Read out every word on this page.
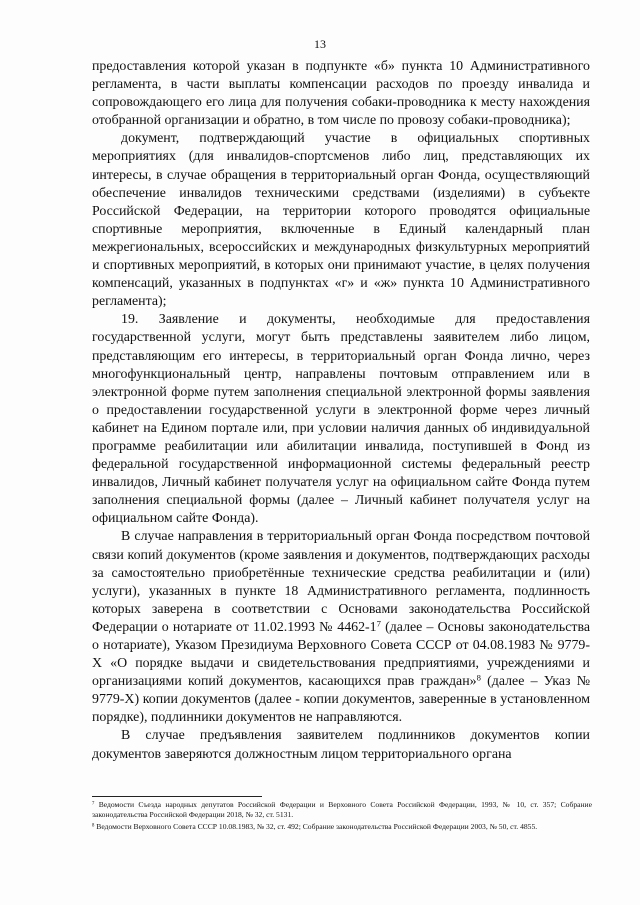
13

предоставления которой указан в подпункте «б» пункта 10 Административного регламента, в части выплаты компенсации расходов по проезду инвалида и сопровождающего его лица для получения собаки-проводника к месту нахождения отобранной организации и обратно, в том числе по провозу собаки-проводника);

документ, подтверждающий участие в официальных спортивных мероприятиях (для инвалидов-спортсменов либо лиц, представляющих их интересы, в случае обращения в территориальный орган Фонда, осуществляющий обеспечение инвалидов техническими средствами (изделиями) в субъекте Российской Федерации, на территории которого проводятся официальные спортивные мероприятия, включенные в Единый календарный план межрегиональных, всероссийских и международных физкультурных мероприятий и спортивных мероприятий, в которых они принимают участие, в целях получения компенсаций, указанных в подпунктах «г» и «ж» пункта 10 Административного регламента);

19. Заявление и документы, необходимые для предоставления государственной услуги, могут быть представлены заявителем либо лицом, представляющим его интересы, в территориальный орган Фонда лично, через многофункциональный центр, направлены почтовым отправлением или в электронной форме путем заполнения специальной электронной формы заявления о предоставлении государственной услуги в электронной форме через личный кабинет на Едином портале или, при условии наличия данных об индивидуальной программе реабилитации или абилитации инвалида, поступившей в Фонд из федеральной государственной информационной системы федеральный реестр инвалидов, Личный кабинет получателя услуг на официальном сайте Фонда путем заполнения специальной формы (далее – Личный кабинет получателя услуг на официальном сайте Фонда).

В случае направления в территориальный орган Фонда посредством почтовой связи копий документов (кроме заявления и документов, подтверждающих расходы за самостоятельно приобретённые технические средства реабилитации и (или) услуги), указанных в пункте 18 Административного регламента, подлинность которых заверена в соответствии с Основами законодательства Российской Федерации о нотариате от 11.02.1993 № $4462-1^7$ (далее – Основы законодательства о нотариате), Указом Президиума Верховного Совета СССР от 04.08.1983 № 9779-Х «О порядке выдачи и свидетельствования предприятиями, учреждениями и организациями копий документов, касающихся прав граждан»$^8$ (далее – Указ № 9779-Х) копии документов (далее - копии документов, заверенные в установленном порядке), подлинники документов не направляются.

В случае предъявления заявителем подлинников документов копии документов заверяются должностным лицом территориального органа

$^7$ Ведомости Съезда народных депутатов Российской Федерации и Верховного Совета Российской Федерации, 1993, № 10, ст. 357; Собрание законодательства Российской Федерации 2018, № 32, ст. 5131.

$^8$ Ведомости Верховного Совета СССР 10.08.1983, № 32, ст. 492; Собрание законодательства Российской Федерации 2003, № 50, ст. 4855.
